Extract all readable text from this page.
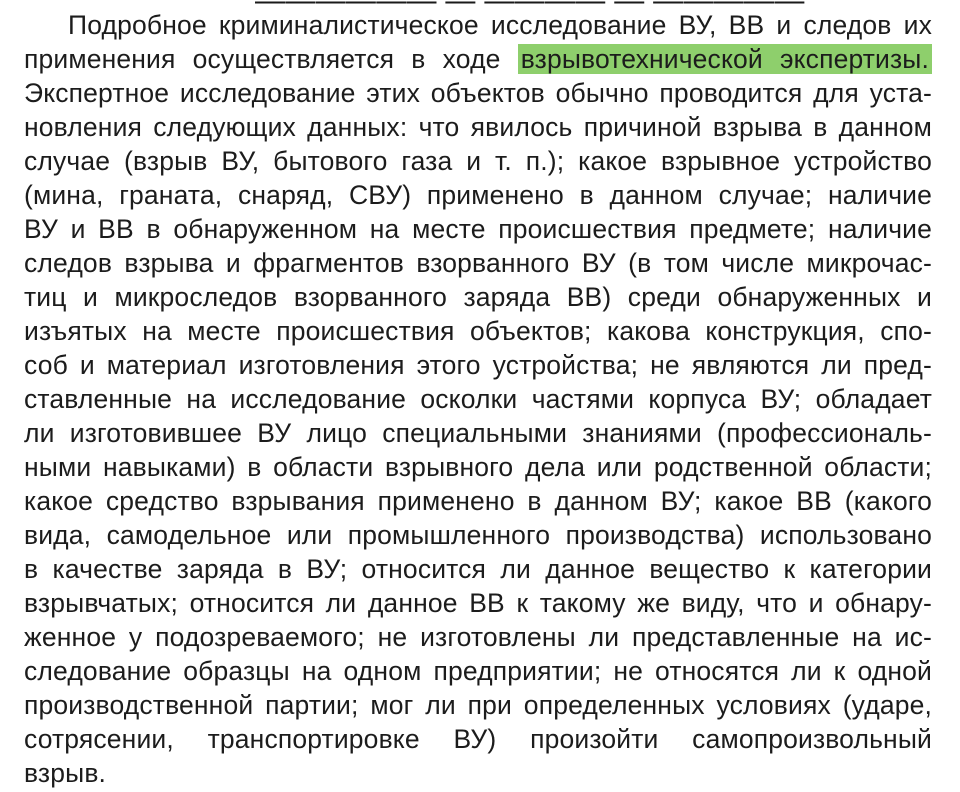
—————— — ———— — —————
Подробное криминалистическое исследование ВУ, ВВ и следов их
применения осуществляется в ходе взрывотехнической экспертизы.
Экспертное исследование этих объектов обычно проводится для уста-
новления следующих данных: что явилось причиной взрыва в данном
случае (взрыв ВУ, бытового газа и т. п.); какое взрывное устройство
(мина, граната, снаряд, СВУ) применено в данном случае; наличие
ВУ и ВВ в обнаруженном на месте происшествия предмете; наличие
следов взрыва и фрагментов взорванного ВУ (в том числе микрочас-
тиц и микроследов взорванного заряда ВВ) среди обнаруженных и
изъятых на месте происшествия объектов; какова конструкция, спо-
соб и материал изготовления этого устройства; не являются ли пред-
ставленные на исследование осколки частями корпуса ВУ; обладает
ли изготовившее ВУ лицо специальными знаниями (профессиональ-
ными навыками) в области взрывного дела или родственной области;
какое средство взрывания применено в данном ВУ; какое ВВ (какого
вида, самодельное или промышленного производства) использовано
в качестве заряда в ВУ; относится ли данное вещество к категории
взрывчатых; относится ли данное ВВ к такому же виду, что и обнару-
женное у подозреваемого; не изготовлены ли представленные на ис-
следование образцы на одном предприятии; не относятся ли к одной
производственной партии; мог ли при определенных условиях (ударе,
сотрясении, транспортировке ВУ) произойти самопроизвольный
взрыв.
